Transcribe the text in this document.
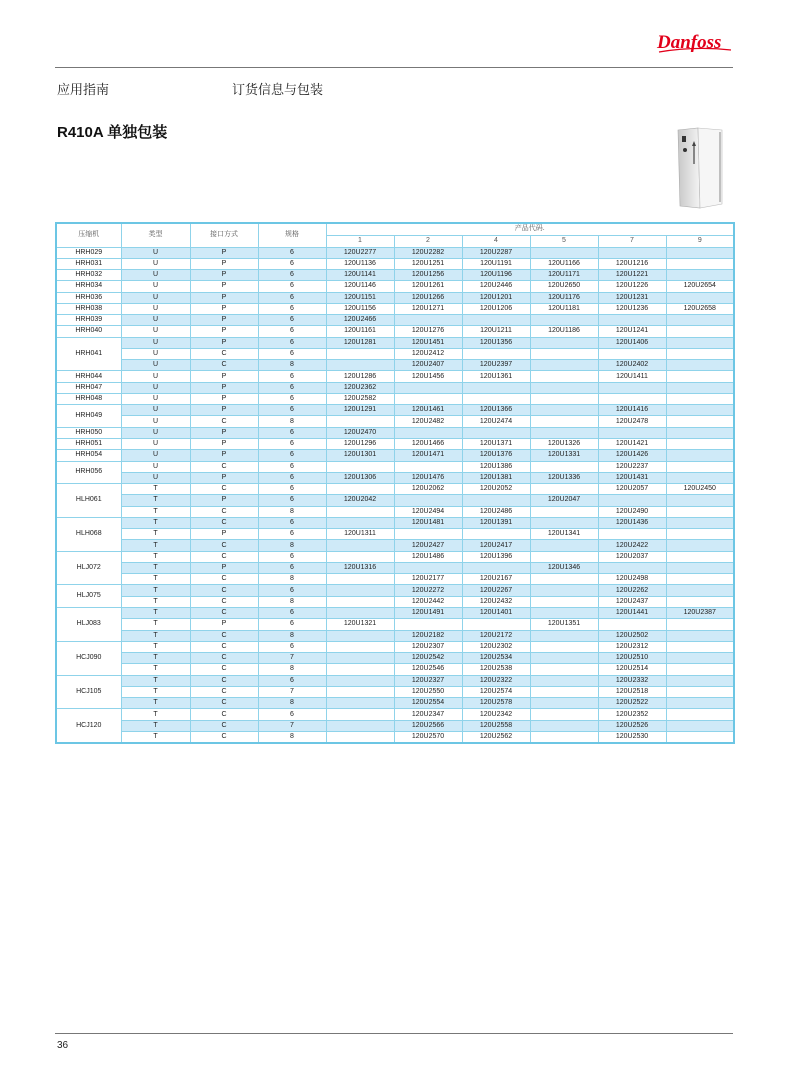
Danfoss
应用指南	订货信息与包装
R410A 单独包装
压缩机	类型	接口方式	规格	产品代码.					
				1	2	4	5	7	9
HRH029	U	P	6	120U2277	120U2282	120U2287			
HRH031	U	P	6	120U1136	120U1251	120U1191	120U1166	120U1216	
HRH032	U	P	6	120U1141	120U1256	120U1196	120U1171	120U1221	
HRH034	U	P	6	120U1146	120U1261	120U2446	120U2650	120U1226	120U2654
HRH036	U	P	6	120U1151	120U1266	120U1201	120U1176	120U1231	
HRH038	U	P	6	120U1156	120U1271	120U1206	120U1181	120U1236	120U2658
HRH039	U	P	6	120U2466					
HRH040	U	P	6	120U1161	120U1276	120U1211	120U1186	120U1241	
HRH041	U	P	6	120U1281	120U1451	120U1356		120U1406	
	U	C	6		120U2412				
	U	C	8		120U2407	120U2397		120U2402	
HRH044	U	P	6	120U1286	120U1456	120U1361		120U1411	
HRH047	U	P	6	120U2362					
HRH048	U	P	6	120U2582					
HRH049	U	P	6	120U1291	120U1461	120U1366		120U1416	
	U	C	8		120U2482	120U2474		120U2478	
HRH050	U	P	6	120U2470					
HRH051	U	P	6	120U1296	120U1466	120U1371	120U1326	120U1421	
HRH054	U	P	6	120U1301	120U1471	120U1376	120U1331	120U1426	
HRH056	U	C	6			120U1386		120U2237	
	U	P	6	120U1306	120U1476	120U1381	120U1336	120U1431	
HLH061	T	C	6		120U2062	120U2052		120U2057	120U2450
	T	P	6	120U2042			120U2047		
	T	C	8		120U2494	120U2486		120U2490	
HLH068	T	C	6		120U1481	120U1391		120U1436	
	T	P	6	120U1311			120U1341		
	T	C	8		120U2427	120U2417		120U2422	
HLJ072	T	C	6		120U1486	120U1396		120U2037	
	T	P	6	120U1316			120U1346		
	T	C	8		120U2177	120U2167		120U2498	
HLJ075	T	C	6		120U2272	120U2267		120U2262	
	T	C	8		120U2442	120U2432		120U2437	
HLJ083	T	C	6		120U1491	120U1401		120U1441	120U2387
	T	P	6	120U1321			120U1351		
	T	C	8		120U2182	120U2172		120U2502	
HCJ090	T	C	6		120U2307	120U2302		120U2312	
	T	C	7		120U2542	120U2534		120U2510	
	T	C	8		120U2546	120U2538		120U2514	
HCJ105	T	C	6		120U2327	120U2322		120U2332	
	T	C	7		120U2550	120U2574		120U2518	
	T	C	8		120U2554	120U2578		120U2522	
HCJ120	T	C	6		120U2347	120U2342		120U2352	
	T	C	7		120U2566	120U2558		120U2526	
	T	C	8		120U2570	120U2562		120U2530	
36
